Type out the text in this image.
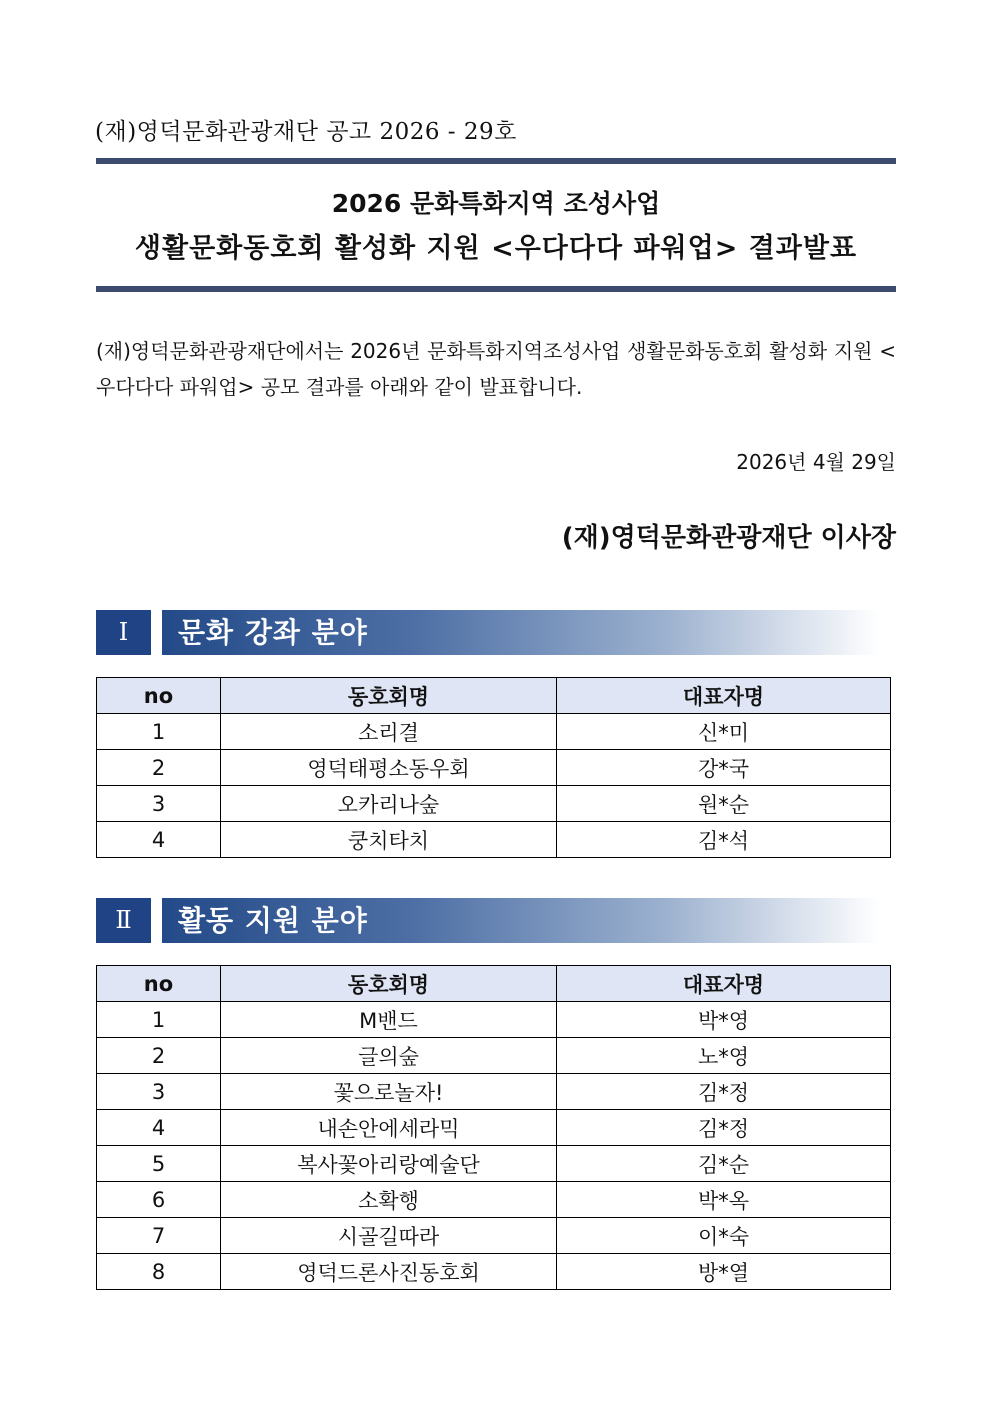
(재)영덕문화관광재단 공고 2026 - 29호
2026 문화특화지역 조성사업
생활문화동호회 활성화 지원 <우다다다 파워업> 결과발표
(재)영덕문화관광재단에서는 2026년 문화특화지역조성사업 생활문화동호회 활성화 지원 <우다다다 파워업> 공모 결과를 아래와 같이 발표합니다.
2026년 4월 29일
(재)영덕문화관광재단 이사장
Ⅰ	문화 강좌 분야
no	동호회명	대표자명
1	소리결	신*미
2	영덕태평소동우회	강*국
3	오카리나숲	원*순
4	쿵치타치	김*석
Ⅱ	활동 지원 분야
no	동호회명	대표자명
1	M밴드	박*영
2	글의숲	노*영
3	꽃으로놀자!	김*정
4	내손안에세라믹	김*정
5	복사꽃아리랑예술단	김*순
6	소확행	박*옥
7	시골길따라	이*숙
8	영덕드론사진동호회	방*열
